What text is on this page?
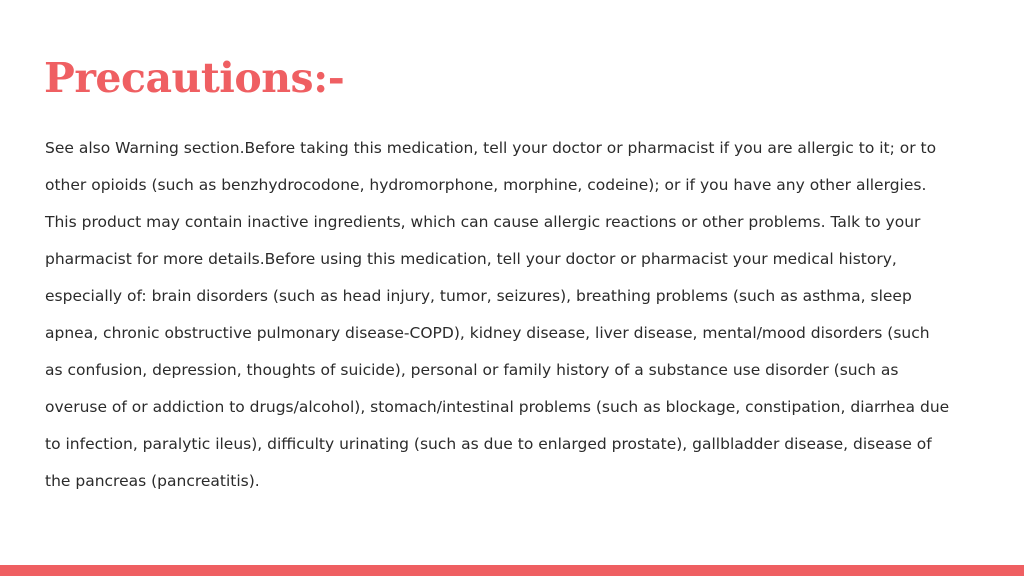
Precautions:-
See also Warning section.Before taking this medication, tell your doctor or pharmacist if you are allergic to it; or to
other opioids (such as benzhydrocodone, hydromorphone, morphine, codeine); or if you have any other allergies.
This product may contain inactive ingredients, which can cause allergic reactions or other problems. Talk to your
pharmacist for more details.Before using this medication, tell your doctor or pharmacist your medical history,
especially of: brain disorders (such as head injury, tumor, seizures), breathing problems (such as asthma, sleep
apnea, chronic obstructive pulmonary disease-COPD), kidney disease, liver disease, mental/mood disorders (such
as confusion, depression, thoughts of suicide), personal or family history of a substance use disorder (such as
overuse of or addiction to drugs/alcohol), stomach/intestinal problems (such as blockage, constipation, diarrhea due
to infection, paralytic ileus), difficulty urinating (such as due to enlarged prostate), gallbladder disease, disease of
the pancreas (pancreatitis).
